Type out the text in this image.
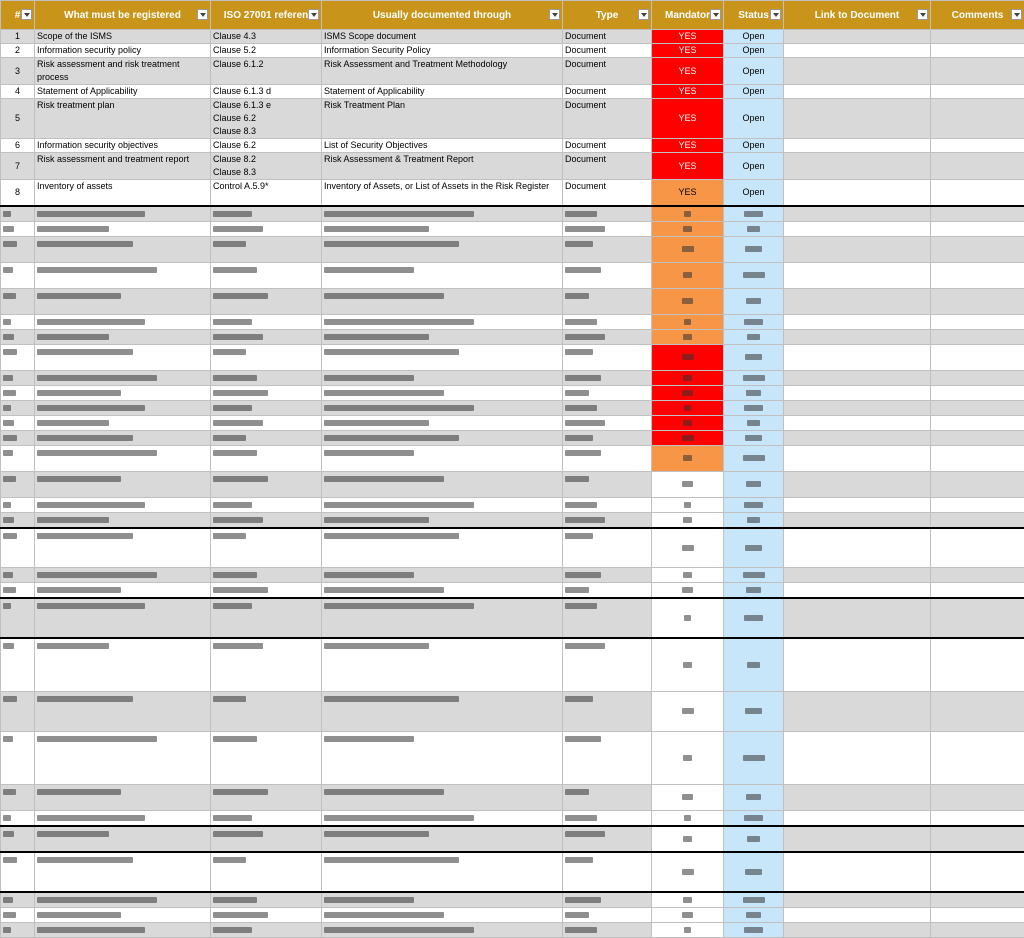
#	What must be registered	ISO 27001 referen	Usually documented through	Type	Mandator	Status	Link to Document	Comments

1	Scope of the ISMS	Clause 4.3	ISMS Scope document	Document	YES	Open		
2	Information security policy	Clause 5.2	Information Security Policy	Document	YES	Open		
3	Risk assessment and risk treatment process	Clause 6.1.2	Risk Assessment and Treatment Methodology	Document	YES	Open		
4	Statement of Applicability	Clause 6.1.3 d	Statement of Applicability	Document	YES	Open		
5	Risk treatment plan	Clause 6.1.3 e
Clause 6.2
Clause 8.3	Risk Treatment Plan	Document	YES	Open		
6	Information security objectives	Clause 6.2	List of Security Objectives	Document	YES	Open		
7	Risk assessment and treatment report	Clause 8.2
Clause 8.3	Risk Assessment & Treatment Report	Document	YES	Open		
8	Inventory of assets	Control A.5.9*	Inventory of Assets, or List of Assets in the Risk Register	Document	YES	Open		
